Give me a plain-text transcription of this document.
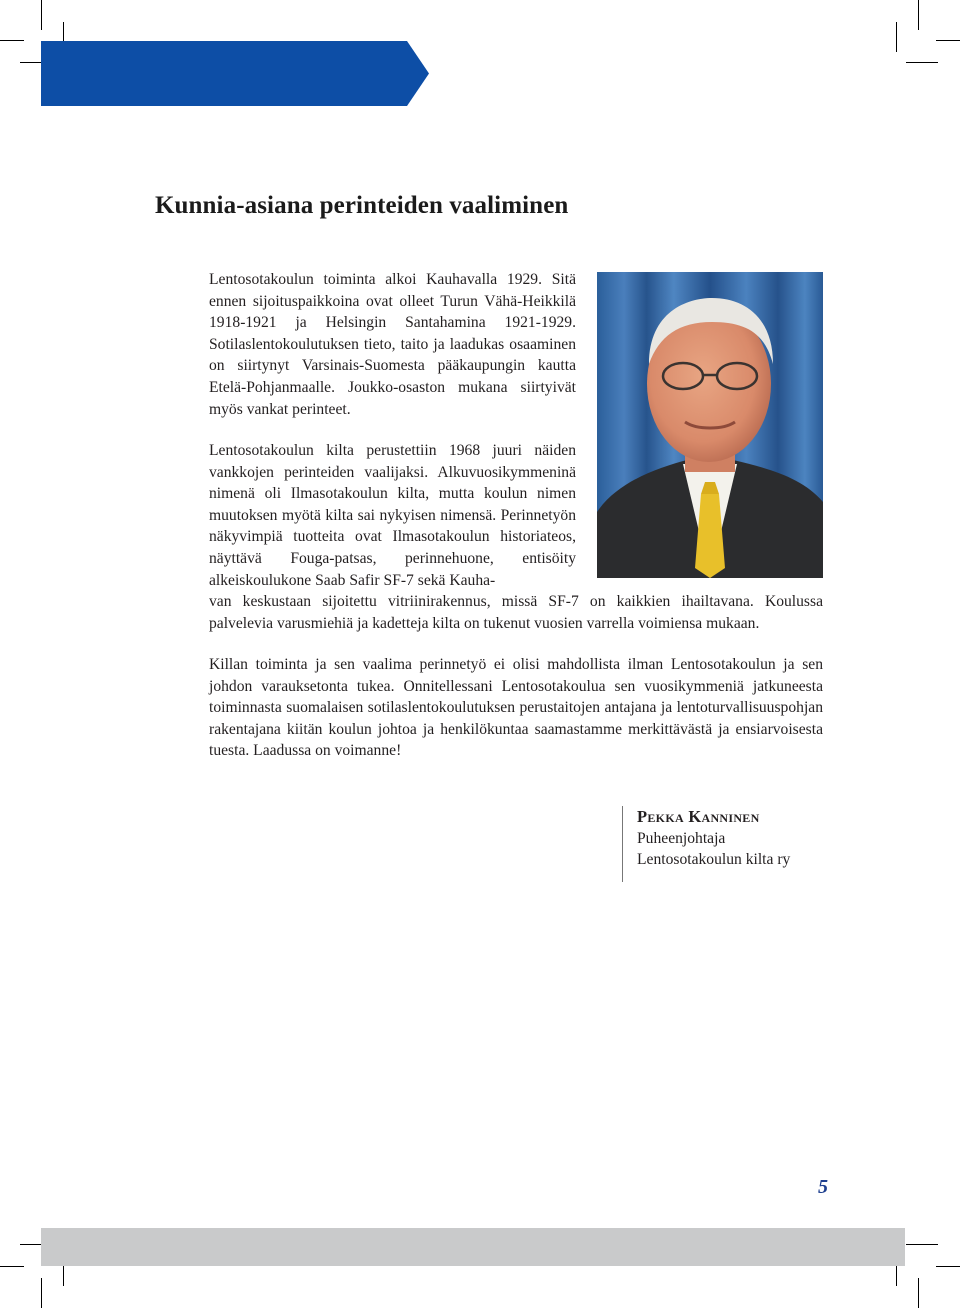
Kunnia-asiana perinteiden vaaliminen

Lentosotakoulun toiminta alkoi Kauhavalla 1929. Sitä ennen sijoituspaikkoina ovat olleet Turun Vähä-Heikkilä 1918-1921 ja Helsingin Santahamina 1921-1929. Sotilaslentokoulutuksen tieto, taito ja laadukas osaaminen on siirtynyt Varsinais-Suomesta pääkaupungin kautta Etelä-Pohjanmaalle. Joukko-osaston mukana siirtyivät myös vankat perinteet.

Lentosotakoulun kilta perustettiin 1968 juuri näiden vankkojen perinteiden vaalijaksi. Alkuvuosikymmeninä nimenä oli Ilmasotakoulun kilta, mutta koulun nimen muutoksen myötä kilta sai nykyisen nimensä. Perinnetyön näkyvimpiä tuotteita ovat Ilmasotakoulun historiateos, näyttävä Fouga-patsas, perinnehuone, entisöity alkeiskoulukone Saab Safir SF-7 sekä Kauha-

van keskustaan sijoitettu vitriinirakennus, missä SF-7 on kaikkien ihailtavana. Koulussa palvelevia varusmiehiä ja kadetteja kilta on tukenut vuosien varrella voimiensa mukaan.

Killan toiminta ja sen vaalima perinnetyö ei olisi mahdollista ilman Lentosotakoulun ja sen johdon varauksetonta tukea. Onnitellessani Lentosotakoulua sen vuosikymmeniä jatkuneesta toiminnasta suomalaisen sotilaslentokoulutuksen perustaitojen antajana ja lentoturvallisuuspohjan rakentajana kiitän koulun johtoa ja henkilökuntaa saamastamme merkittävästä ja ensiarvoisesta tuesta. Laadussa on voimanne!

Pekka Kanninen
Puheenjohtaja
Lentosotakoulun kilta ry
5
